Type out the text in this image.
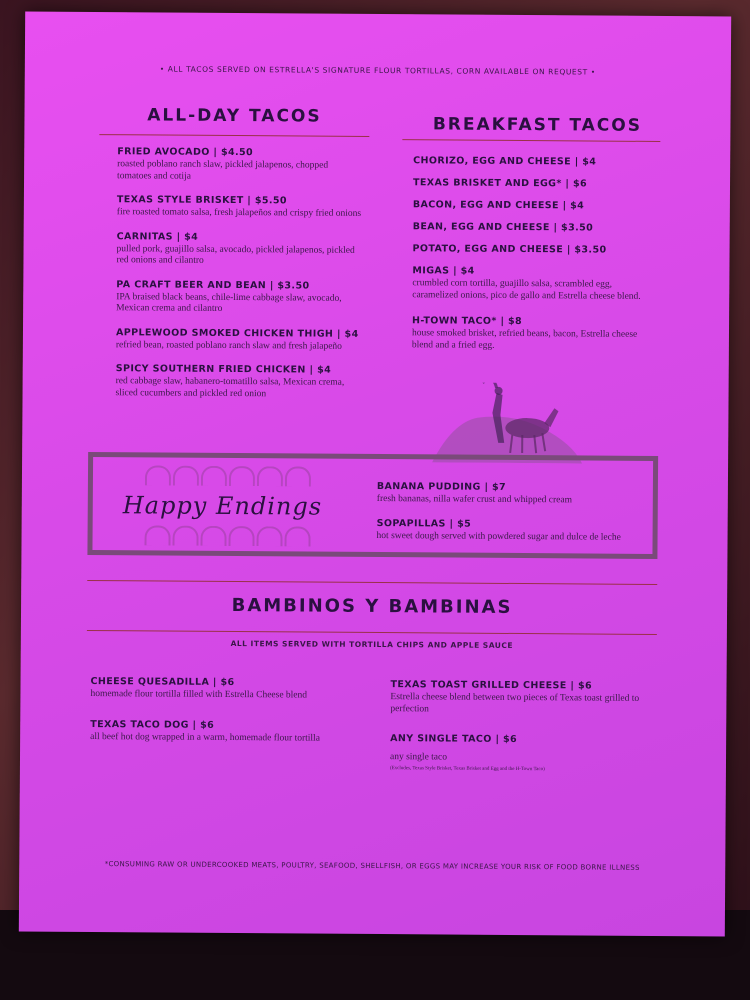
• ALL TACOS SERVED ON ESTRELLA'S SIGNATURE FLOUR TORTILLAS, CORN AVAILABLE ON REQUEST •
ALL-DAY TACOS

FRIED AVOCADO | $4.50

roasted poblano ranch slaw, pickled jalapenos, chopped tomatoes and cotija

TEXAS STYLE BRISKET | $5.50

fire roasted tomato salsa, fresh jalapeños and crispy fried onions

CARNITAS | $4

pulled pork, guajillo salsa, avocado, pickled jalapenos, pickled red onions and cilantro

PA CRAFT BEER AND BEAN | $3.50

IPA braised black beans, chile-lime cabbage slaw, avocado, Mexican crema and cilantro

APPLEWOOD SMOKED CHICKEN THIGH | $4

refried bean, roasted poblano ranch slaw and fresh jalapeño

SPICY SOUTHERN FRIED CHICKEN | $4

red cabbage slaw, habanero-tomatillo salsa, Mexican crema, sliced cucumbers and pickled red onion

BREAKFAST TACOS

CHORIZO, EGG AND CHEESE | $4

TEXAS BRISKET AND EGG* | $6

BACON, EGG AND CHEESE | $4

BEAN, EGG AND CHEESE | $3.50

POTATO, EGG AND CHEESE | $3.50

MIGAS | $4

crumbled corn tortilla, guajillo salsa, scrambled egg, caramelized onions, pico de gallo and Estrella cheese blend.

H-TOWN TACO* | $8

house smoked brisket, refried beans, bacon, Estrella cheese blend and a fried egg.

Happy Endings

BANANA PUDDING | $7

fresh bananas, nilla wafer crust and whipped cream

SOPAPILLAS | $5

hot sweet dough served with powdered sugar and dulce de leche

BAMBINOS Y BAMBINAS
ALL ITEMS SERVED WITH TORTILLA CHIPS AND APPLE SAUCE

CHEESE QUESADILLA | $6

homemade flour tortilla filled with Estrella Cheese blend

TEXAS TACO DOG | $6

all beef hot dog wrapped in a warm, homemade flour tortilla

TEXAS TOAST GRILLED CHEESE | $6

Estrella cheese blend between two pieces of Texas toast grilled to perfection

ANY SINGLE TACO | $6

any single taco

(Excludes, Texas Style Brisket, Texas Brisket and Egg and the H-Town Taco)

*CONSUMING RAW OR UNDERCOOKED MEATS, POULTRY, SEAFOOD, SHELLFISH, OR EGGS MAY INCREASE YOUR RISK OF FOOD BORNE ILLNESS
